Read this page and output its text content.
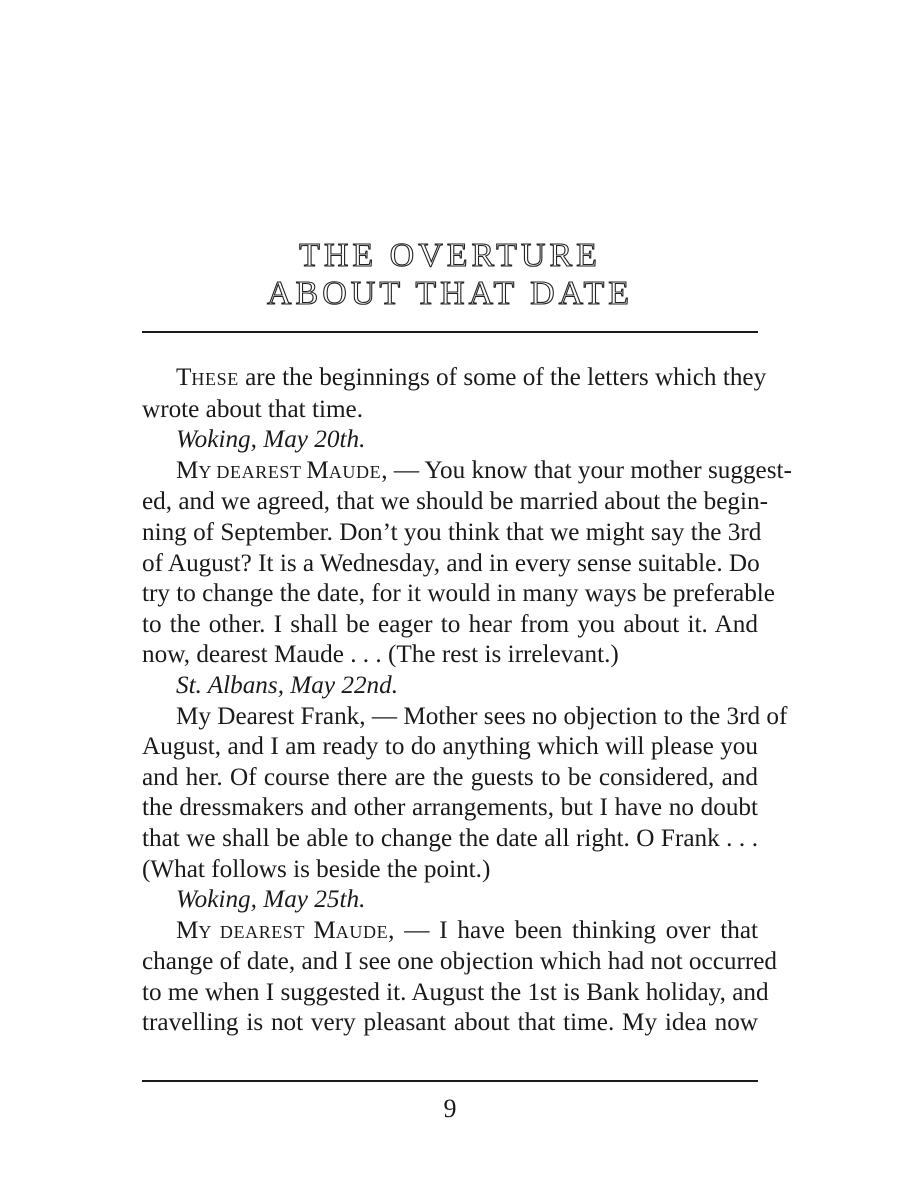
THE OVERTURE
ABOUT THAT DATE
THESE are the beginnings of some of the letters which they
wrote about that time.
Woking, May 20th.
MY DEAREST MAUDE, — You know that your mother suggest-
ed, and we agreed, that we should be married about the begin-
ning of September. Don’t you think that we might say the 3rd
of August? It is a Wednesday, and in every sense suitable. Do
try to change the date, for it would in many ways be preferable
to the other. I shall be eager to hear from you about it. And
now, dearest Maude . . . (The rest is irrelevant.)
St. Albans, May 22nd.
My Dearest Frank, — Mother sees no objection to the 3rd of
August, and I am ready to do anything which will please you
and her. Of course there are the guests to be considered, and
the dressmakers and other arrangements, but I have no doubt
that we shall be able to change the date all right. O Frank . . .
(What follows is beside the point.)
Woking, May 25th.
MY DEAREST MAUDE, — I have been thinking over that
change of date, and I see one objection which had not occurred
to me when I suggested it. August the 1st is Bank holiday, and
travelling is not very pleasant about that time. My idea now
9
